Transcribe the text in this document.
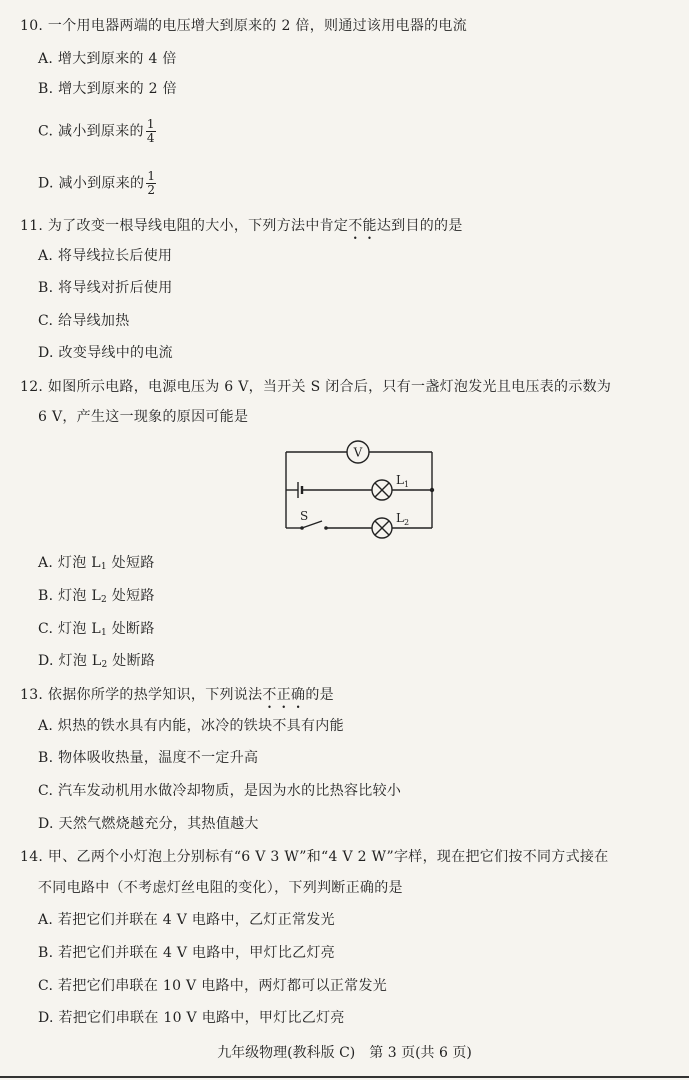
10. 一个用电器两端的电压增大到原来的 2 倍，则通过该用电器的电流
A. 增大到原来的 4 倍
B. 增大到原来的 2 倍
C. 减小到原来的 $\frac{1}{4}$
D. 减小到原来的 $\frac{1}{2}$
11. 为了改变一根导线电阻的大小，下列方法中肯定不能达到目的的是
A. 将导线拉长后使用
B. 将导线对折后使用
C. 给导线加热
D. 改变导线中的电流
12. 如图所示电路，电源电压为 6 V，当开关 S 闭合后，只有一盏灯泡发光且电压表的示数为
6 V，产生这一现象的原因可能是
V
$L_1$
$L_2$
S
A. 灯泡 $L_1$ 处短路
B. 灯泡 $L_2$ 处短路
C. 灯泡 $L_1$ 处断路
D. 灯泡 $L_2$ 处断路
13. 依据你所学的热学知识，下列说法不正确的是
A. 炽热的铁水具有内能，冰冷的铁块不具有内能
B. 物体吸收热量，温度不一定升高
C. 汽车发动机用水做冷却物质，是因为水的比热容比较小
D. 天然气燃烧越充分，其热值越大
14. 甲、乙两个小灯泡上分别标有“6 V 3 W”和“4 V 2 W”字样，现在把它们按不同方式接在
不同电路中（不考虑灯丝电阻的变化），下列判断正确的是
A. 若把它们并联在 4 V 电路中，乙灯正常发光
B. 若把它们并联在 4 V 电路中，甲灯比乙灯亮
C. 若把它们串联在 10 V 电路中，两灯都可以正常发光
D. 若把它们串联在 10 V 电路中，甲灯比乙灯亮
九年级物理(教科版 C)　第 3 页(共 6 页)
